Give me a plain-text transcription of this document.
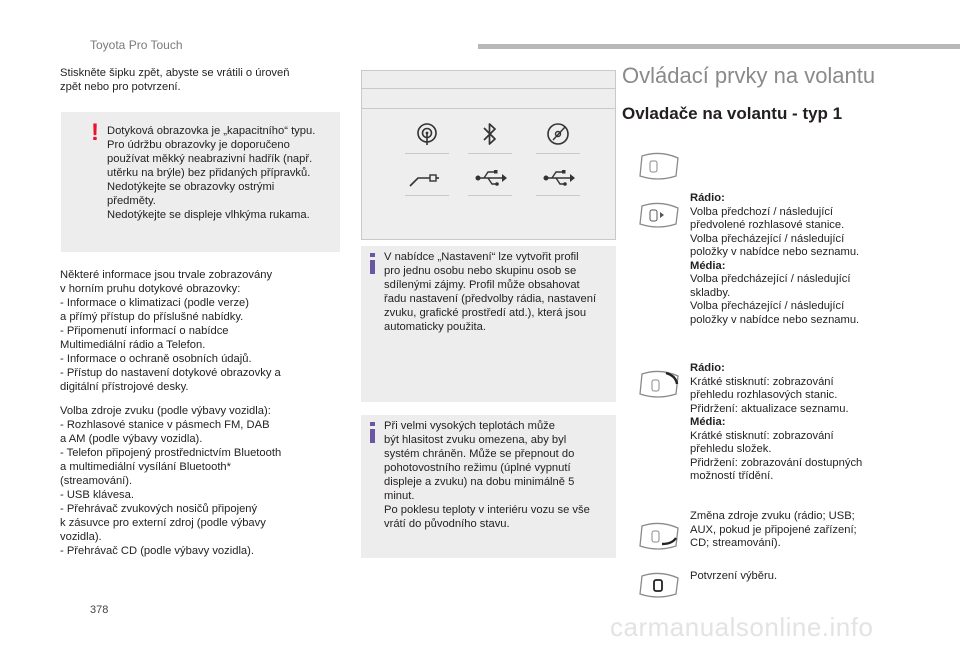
Toyota Pro Touch
Stiskněte šipku zpět, abyste se vrátili o úroveň
zpět nebo pro potvrzení.
! Dotyková obrazovka je „kapacitního“ typu.
Pro údržbu obrazovky je doporučeno
používat měkký neabrazivní hadřík (např.
utěrku na brýle) bez přidaných přípravků.
Nedotýkejte se obrazovky ostrými
předměty.
Nedotýkejte se displeje vlhkýma rukama.
Některé informace jsou trvale zobrazovány
v horním pruhu dotykové obrazovky:
- Informace o klimatizaci (podle verze)
a přímý přístup do příslušné nabídky.
- Připomenutí informací o nabídce
Multimediální rádio a Telefon.
- Informace o ochraně osobních údajů.
- Přístup do nastavení dotykové obrazovky a
digitální přístrojové desky.
Volba zdroje zvuku (podle výbavy vozidla):
- Rozhlasové stanice v pásmech FM, DAB
a AM (podle výbavy vozidla).
- Telefon připojený prostřednictvím Bluetooth
a multimediální vysílání Bluetooth*
(streamování).
- USB klávesa.
- Přehrávač zvukových nosičů připojený
k zásuvce pro externí zdroj (podle výbavy
vozidla).
- Přehrávač CD (podle výbavy vozidla).
V nabídce „Nastavení“ lze vytvořit profil
pro jednu osobu nebo skupinu osob se
sdílenými zájmy. Profil může obsahovat
řadu nastavení (předvolby rádia, nastavení
zvuku, grafické prostředí atd.), která jsou
automaticky použita.
Při velmi vysokých teplotách může
být hlasitost zvuku omezena, aby byl
systém chráněn. Může se přepnout do
pohotovostního režimu (úplné vypnutí
displeje a zvuku) na dobu minimálně 5
minut.
Po poklesu teploty v interiéru vozu se vše
vrátí do původního stavu.
Ovládací prvky na volantu
Ovladače na volantu - typ 1
Rádio:
Volba předchozí / následující
předvolené rozhlasové stanice.
Volba přecházející / následující
položky v nabídce nebo seznamu.
Média:
Volba předcházející / následující
skladby.
Volba přecházející / následující
položky v nabídce nebo seznamu.
Rádio:
Krátké stisknutí: zobrazování
přehledu rozhlasových stanic.
Přidržení: aktualizace seznamu.
Média:
Krátké stisknutí: zobrazování
přehledu složek.
Přidržení: zobrazování dostupných
možností třídění.
Změna zdroje zvuku (rádio; USB;
AUX, pokud je připojené zařízení;
CD; streamování).
Potvrzení výběru.
378
carmanualsonline.info
